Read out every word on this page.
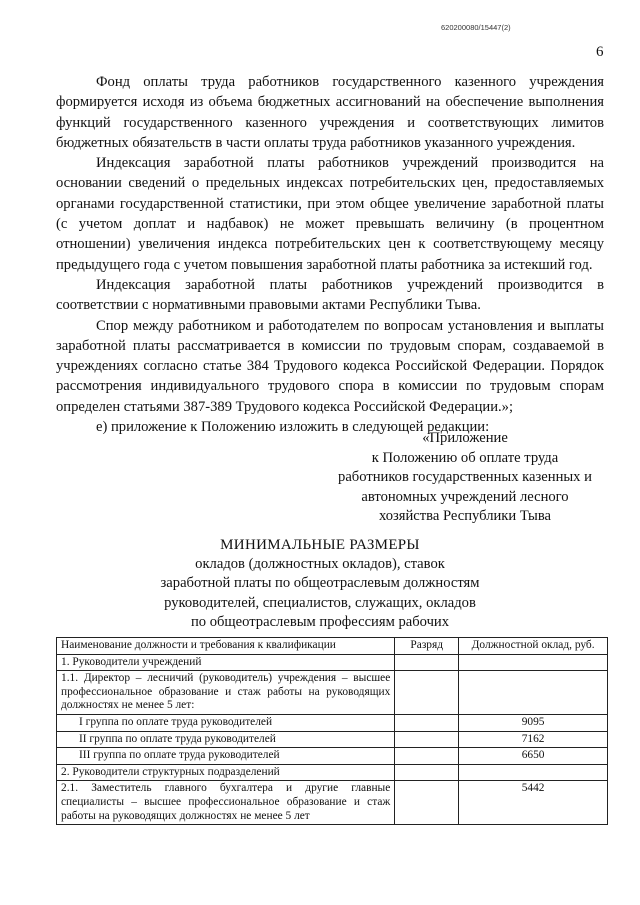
620200080/15447(2)
6

Фонд оплаты труда работников государственного казенного учреждения формируется исходя из объема бюджетных ассигнований на обеспечение выполнения функций государственного казенного учреждения и соответствующих лимитов бюджетных обязательств в части оплаты труда работников указанного учреждения.

Индексация заработной платы работников учреждений производится на основании сведений о предельных индексах потребительских цен, предоставляемых органами государственной статистики, при этом общее увеличение заработной платы (с учетом доплат и надбавок) не может превышать величину (в процентном отношении) увеличения индекса потребительских цен к соответствующему месяцу предыдущего года с учетом повышения заработной платы работника за истекший год.

Индексация заработной платы работников учреждений производится в соответствии с нормативными правовыми актами Республики Тыва.

Спор между работником и работодателем по вопросам установления и выплаты заработной платы рассматривается в комиссии по трудовым спорам, создаваемой в учреждениях согласно статье 384 Трудового кодекса Российской Федерации. Порядок рассмотрения индивидуального трудового спора в комиссии по трудовым спорам определен статьями 387-389 Трудового кодекса Российской Федерации.»;

е) приложение к Положению изложить в следующей редакции:

«Приложение
к Положению об оплате труда
работников государственных казенных и
автономных учреждений лесного
хозяйства Республики Тыва
МИНИМАЛЬНЫЕ РАЗМЕРЫ
окладов (должностных окладов), ставок
заработной платы по общеотраслевым должностям
руководителей, специалистов, служащих, окладов
по общеотраслевым профессиям рабочих
Наименование должности и требования к квалификации	Разряд	Должностной оклад, руб.
1. Руководители учреждений		
1.1. Директор – лесничий (руководитель) учреждения – высшее профессиональное образование и стаж работы на руководящих должностях не менее 5 лет:		
I группа по оплате труда руководителей		9095
II группа по оплате труда руководителей		7162
III группа по оплате труда руководителей		6650
2. Руководители структурных подразделений		
2.1. Заместитель главного бухгалтера и другие главные специалисты – высшее профессиональное образование и стаж работы на руководящих должностях не менее 5 лет		5442
